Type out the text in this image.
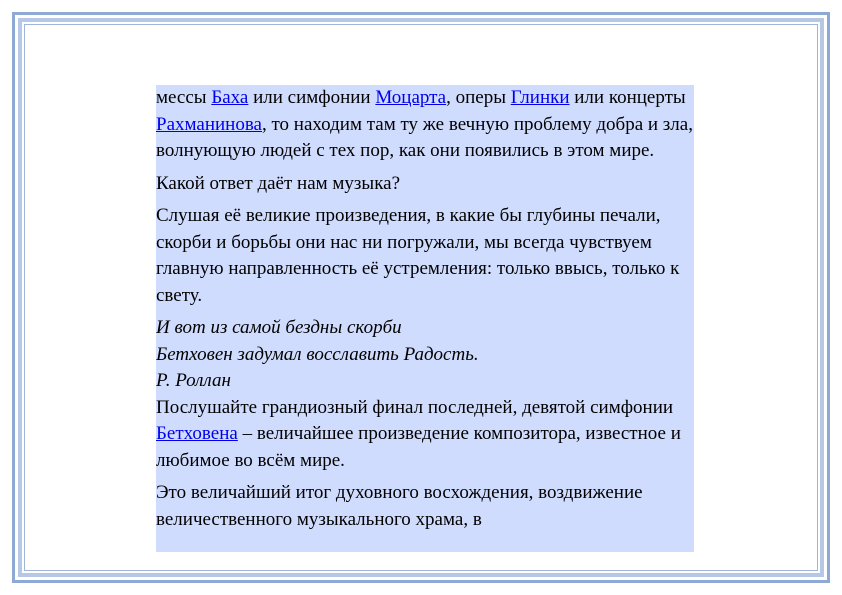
мессы Баха или симфонии Моцарта, оперы Глинки или концерты Рахманинова, то находим там ту же вечную проблему добра и зла, волнующую людей с тех пор, как они появились в этом мире.

Какой ответ даёт нам музыка?

Слушая её великие произведения, в какие бы глубины печали, скорби и борьбы они нас ни погружали, мы всегда чувствуем главную направленность её устремления: только ввысь, только к свету.

И вот из самой бездны скорби

Бетховен задумал восславить Радость.

Р. Роллан

Послушайте грандиозный финал последней, девятой симфонии Бетховена – величайшее произведение композитора, известное и любимое во всём мире.

Это величайший итог духовного восхождения, воздвижение величественного музыкального храма, в
